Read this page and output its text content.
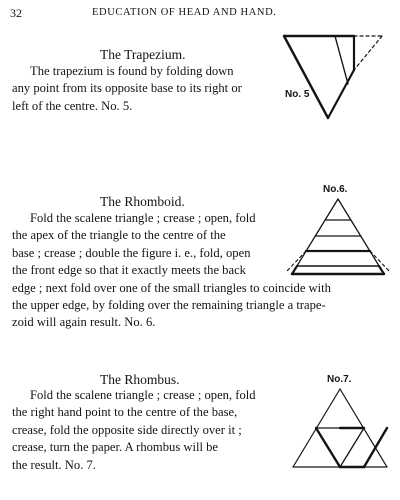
32	EDUCATION OF HEAD AND HAND.
The Trapezium.
The trapezium is found by folding down
any point from its opposite base to its right or
left of the centre. No. 5.
No. 5
The Rhomboid.
Fold the scalene triangle ; crease ; open, fold
the apex of the triangle to the centre of the
base ; crease ; double the figure i. e., fold, open
the front edge so that it exactly meets the back
edge ; next fold over one of the small triangles to coincide with
the upper edge, by folding over the remaining triangle a trape-
zoid will again result. No. 6.
No.6.
The Rhombus.
Fold the scalene triangle ; crease ; open, fold
the right hand point to the centre of the base,
crease, fold the opposite side directly over it ;
crease, turn the paper. A rhombus will be
the result. No. 7.
No.7.
